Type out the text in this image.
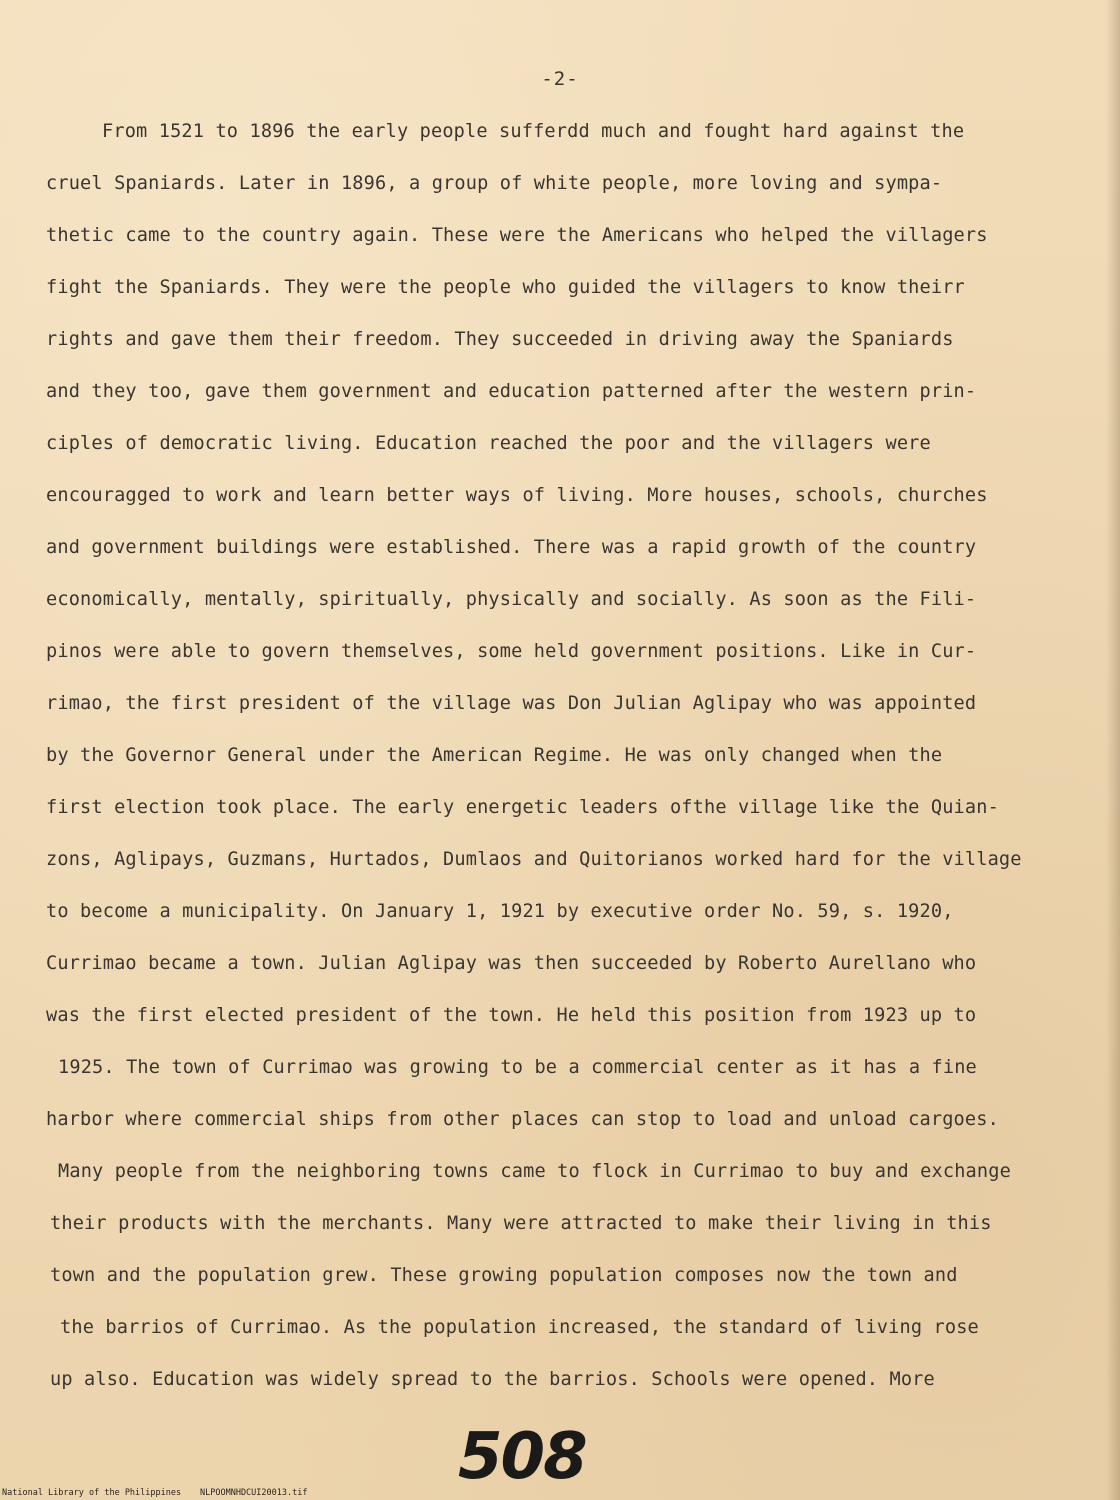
-2-
From 1521 to 1896 the early people sufferdd much and fought hard against the
cruel Spaniards. Later in 1896, a group of white people, more loving and sympa-
thetic came to the country again. These were the Americans who helped the villagers
fight the Spaniards. They were the people who guided the villagers to know theirr
rights and gave them their freedom. They succeeded in driving away the Spaniards
and they too, gave them government and education patterned after the western prin-
ciples of democratic living. Education reached the poor and the villagers were
encouragged to work and learn better ways of living. More houses, schools, churches
and government buildings were established. There was a rapid growth of the country
economically, mentally, spiritually, physically and socially. As soon as the Fili-
pinos were able to govern themselves, some held government positions. Like in Cur-
rimao, the first president of the village was Don Julian Aglipay who was appointed
by the Governor General under the American Regime. He was only changed when the
first election took place. The early energetic leaders ofthe village like the Quian-
zons, Aglipays, Guzmans, Hurtados, Dumlaos and Quitorianos worked hard for the village
to become a municipality. On January 1, 1921 by executive order No. 59, s. 1920,
Currimao became a town. Julian Aglipay was then succeeded by Roberto Aurellano who
was the first elected president of the town. He held this position from 1923 up to
1925. The town of Currimao was growing to be a commercial center as it has a fine
harbor where commercial ships from other places can stop to load and unload cargoes.
Many people from the neighboring towns came to flock in Currimao to buy and exchange
their products with the merchants. Many were attracted to make their living in this
town and the population grew. These growing population composes now the town and
the barrios of Currimao. As the population increased, the standard of living rose
up also. Education was widely spread to the barrios. Schools were opened. More
508
National Library of the Philippines NLPOOMNHDCUI20013.tif
